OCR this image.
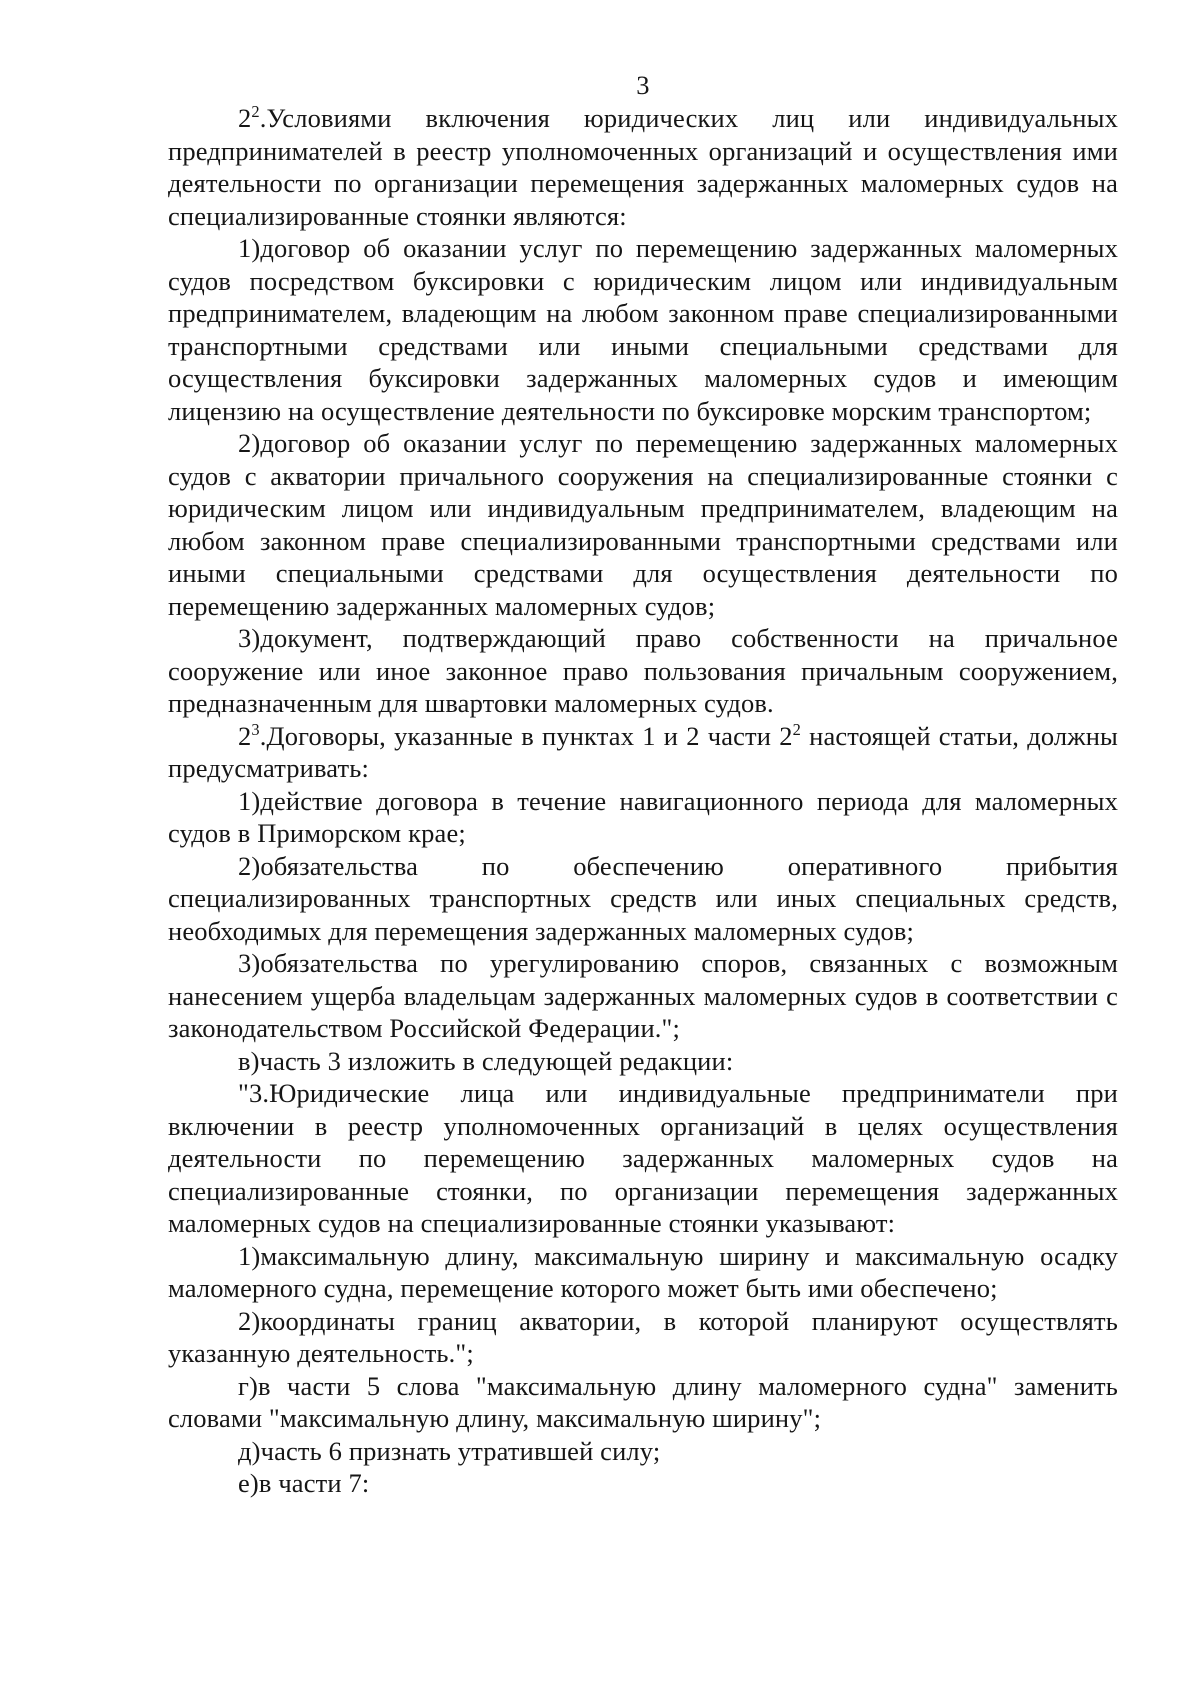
3

$2^2.Условиями$ включения юридических лиц или индивидуальных предпринимателей в реестр уполномоченных организаций и осуществления ими деятельности по организации перемещения задержанных маломерных судов на специализированные стоянки являются:

1)договор об оказании услуг по перемещению задержанных маломерных судов посредством буксировки с юридическим лицом или индивидуальным предпринимателем, владеющим на любом законном праве специализированными транспортными средствами или иными специальными средствами для осуществления буксировки задержанных маломерных судов и имеющим лицензию на осуществление деятельности по буксировке морским транспортом;

2)договор об оказании услуг по перемещению задержанных маломерных судов с акватории причального сооружения на специализированные стоянки с юридическим лицом или индивидуальным предпринимателем, владеющим на любом законном праве специализированными транспортными средствами или иными специальными средствами для осуществления деятельности по перемещению задержанных маломерных судов;

3)документ, подтверждающий право собственности на причальное сооружение или иное законное право пользования причальным сооружением, предназначенным для швартовки маломерных судов.

$2^3.Договоры$, указанные в пунктах 1 и 2 части $2^2$ настоящей статьи, должны предусматривать:

1)действие договора в течение навигационного периода для маломерных судов в Приморском крае;

2)обязательства по обеспечению оперативного прибытия специализированных транспортных средств или иных специальных средств, необходимых для перемещения задержанных маломерных судов;

3)обязательства по урегулированию споров, связанных с возможным нанесением ущерба владельцам задержанных маломерных судов в соответствии с законодательством Российской Федерации.";

в)часть 3 изложить в следующей редакции:

"3.Юридические лица или индивидуальные предприниматели при включении в реестр уполномоченных организаций в целях осуществления деятельности по перемещению задержанных маломерных судов на специализированные стоянки, по организации перемещения задержанных маломерных судов на специализированные стоянки указывают:

1)максимальную длину, максимальную ширину и максимальную осадку маломерного судна, перемещение которого может быть ими обеспечено;

2)координаты границ акватории, в которой планируют осуществлять указанную деятельность.";

г)в части 5 слова "максимальную длину маломерного судна" заменить словами "максимальную длину, максимальную ширину";

д)часть 6 признать утратившей силу;

е)в части 7:
